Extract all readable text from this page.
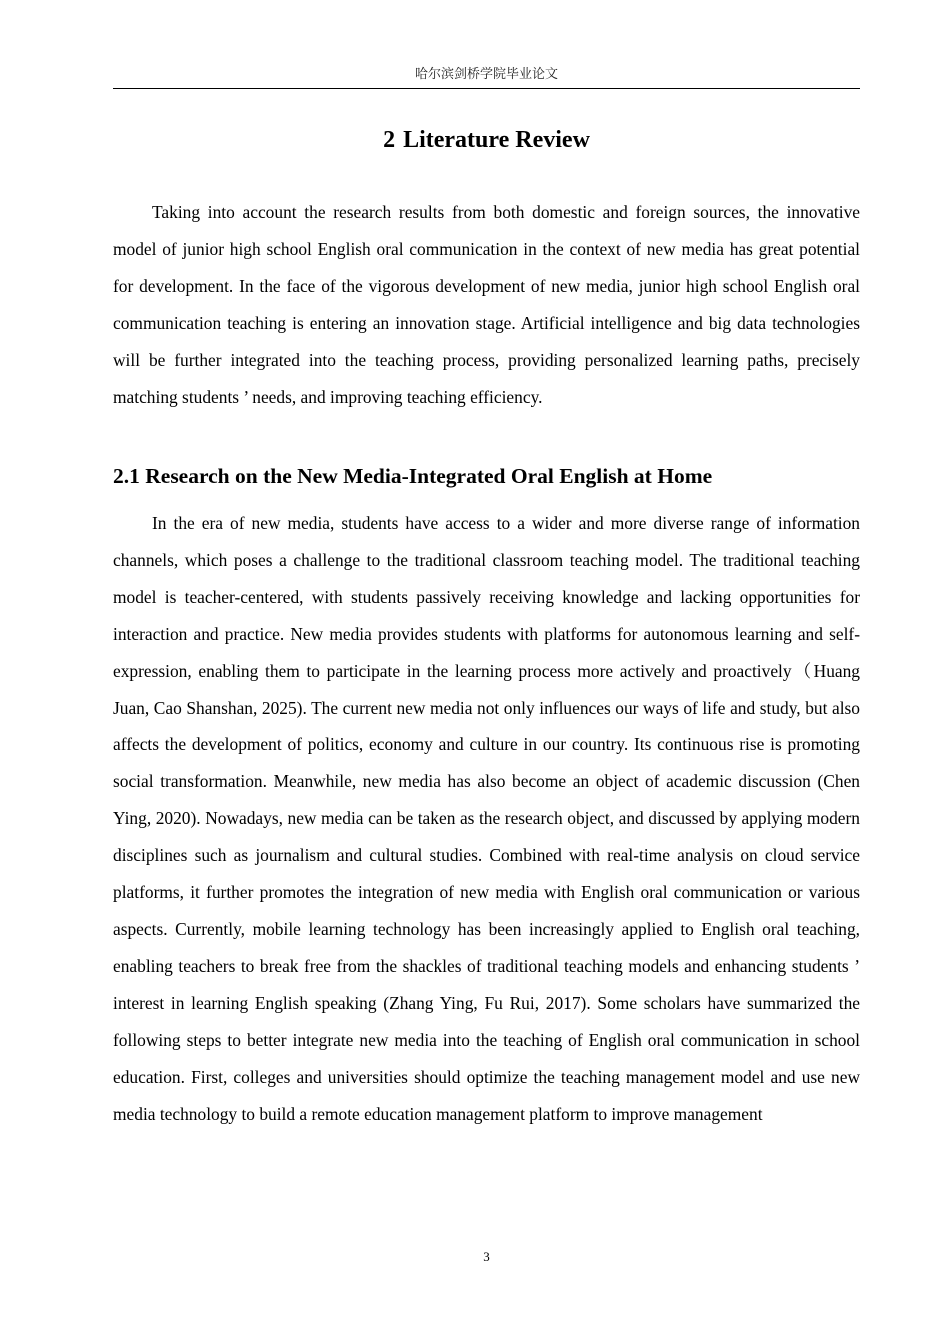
哈尔滨剑桥学院毕业论文
2 Literature Review

Taking into account the research results from both domestic and foreign sources, the innovative model of junior high school English oral communication in the context of new media has great potential for development. In the face of the vigorous development of new media, junior high school English oral communication teaching is entering an innovation stage. Artificial intelligence and big data technologies will be further integrated into the teaching process, providing personalized learning paths, precisely matching students ’ needs, and improving teaching efficiency.

2.1 Research on the New Media-Integrated Oral English at Home

In the era of new media, students have access to a wider and more diverse range of information channels, which poses a challenge to the traditional classroom teaching model. The traditional teaching model is teacher-centered, with students passively receiving knowledge and lacking opportunities for interaction and practice. New media provides students with platforms for autonomous learning and self-expression, enabling them to participate in the learning process more actively and proactively（Huang Juan, Cao Shanshan, 2025). The current new media not only influences our ways of life and study, but also affects the development of politics, economy and culture in our country. Its continuous rise is promoting social transformation. Meanwhile, new media has also become an object of academic discussion (Chen Ying, 2020). Nowadays, new media can be taken as the research object, and discussed by applying modern disciplines such as journalism and cultural studies. Combined with real-time analysis on cloud service platforms, it further promotes the integration of new media with English oral communication or various aspects. Currently, mobile learning technology has been increasingly applied to English oral teaching, enabling teachers to break free from the shackles of traditional teaching models and enhancing students ’ interest in learning English speaking (Zhang Ying, Fu Rui, 2017). Some scholars have summarized the following steps to better integrate new media into the teaching of English oral communication in school education. First, colleges and universities should optimize the teaching management model and use new media technology to build a remote education management platform to improve management

3
